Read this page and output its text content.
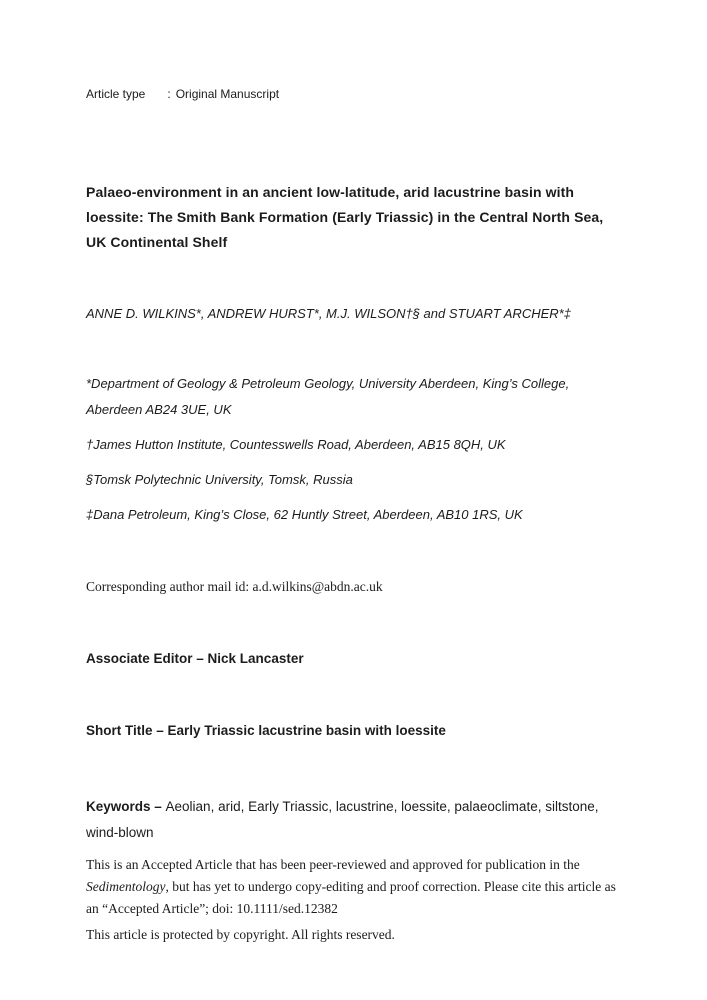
Article type : Original Manuscript

Palaeo-environment in an ancient low-latitude, arid lacustrine basin with loessite: The Smith Bank Formation (Early Triassic) in the Central North Sea, UK Continental Shelf

ANNE D. WILKINS*, ANDREW HURST*, M.J. WILSON†§ and STUART ARCHER*‡

*Department of Geology & Petroleum Geology, University Aberdeen, King’s College, Aberdeen AB24 3UE, UK

†James Hutton Institute, Countesswells Road, Aberdeen, AB15 8QH, UK

§Tomsk Polytechnic University, Tomsk, Russia

‡Dana Petroleum, King’s Close, 62 Huntly Street, Aberdeen, AB10 1RS, UK

Corresponding author mail id: a.d.wilkins@abdn.ac.uk

Associate Editor – Nick Lancaster

Short Title – Early Triassic lacustrine basin with loessite

Keywords – Aeolian, arid, Early Triassic, lacustrine, loessite, palaeoclimate, siltstone, wind-blown

This is an Accepted Article that has been peer-reviewed and approved for publication in the Sedimentology, but has yet to undergo copy-editing and proof correction. Please cite this article as an “Accepted Article”; doi: 10.1111/sed.12382

This article is protected by copyright. All rights reserved.
